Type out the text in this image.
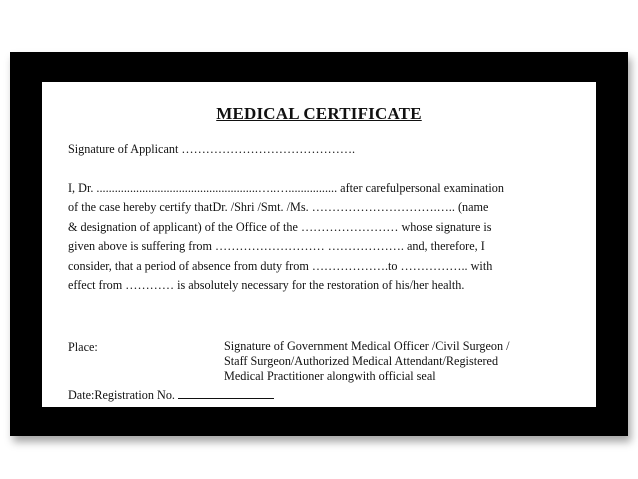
MEDICAL CERTIFICATE
Signature of Applicant …………………………………….
I, Dr. .....................................................…..…................ after carefulpersonal examination
of the case hereby certify thatDr. /Shri /Smt. /Ms. ………………………….….. (name
& designation of applicant) of the Office of the …………………… whose signature is
given above is suffering from ……………………… ………………. and, therefore, I
consider, that a period of absence from duty from ……………….to …………….. with
effect from ………… is absolutely necessary for the restoration of his/her health.
Place:	Signature of Government Medical Officer /Civil Surgeon /
Staff Surgeon/Authorized Medical Attendant/Registered
Medical Practitioner alongwith official seal
Date:Registration No.
